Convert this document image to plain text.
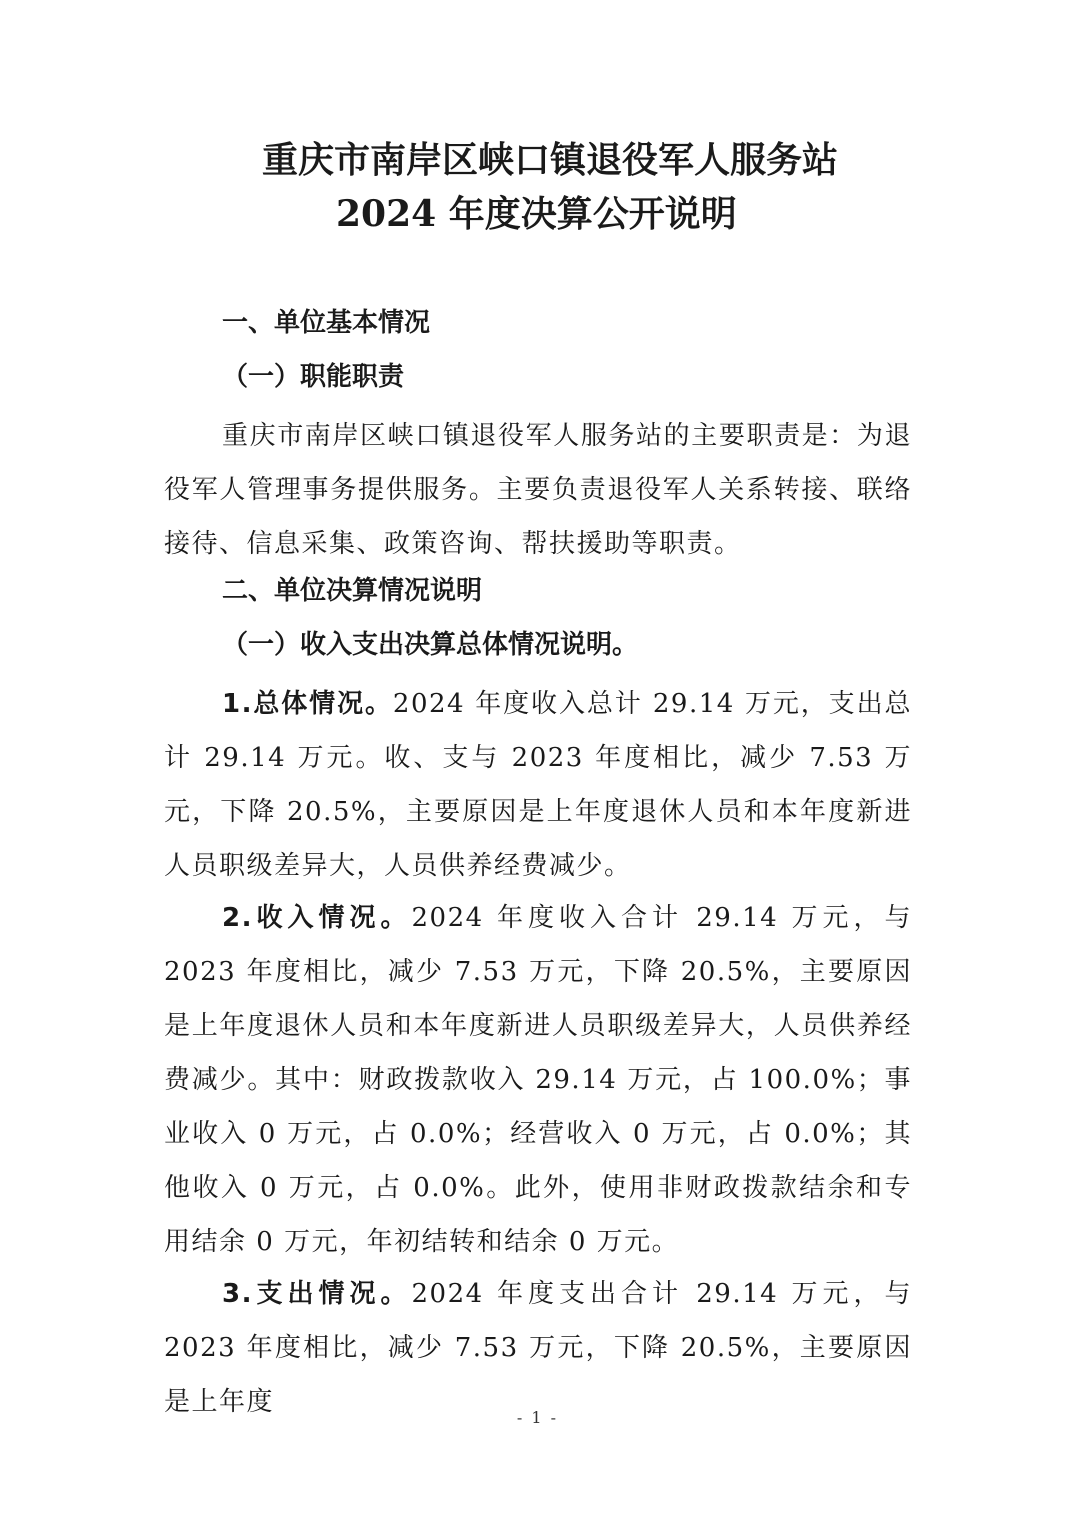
重庆市南岸区峡口镇退役军人服务站
2024 年度决算公开说明
一、单位基本情况
（一）职能职责
重庆市南岸区峡口镇退役军人服务站的主要职责是：为退役军人管理事务提供服务。主要负责退役军人关系转接、联络接待、信息采集、政策咨询、帮扶援助等职责。
二、单位决算情况说明
（一）收入支出决算总体情况说明。
1.总体情况。2024 年度收入总计 29.14 万元，支出总计 29.14 万元。收、支与 2023 年度相比，减少 7.53 万元，下降 20.5%，主要原因是上年度退休人员和本年度新进人员职级差异大，人员供养经费减少。
2.收入情况。2024 年度收入合计 29.14 万元，与 2023 年度相比，减少 7.53 万元，下降 20.5%，主要原因是上年度退休人员和本年度新进人员职级差异大，人员供养经费减少。其中：财政拨款收入 29.14 万元，占 100.0%；事业收入 0 万元，占 0.0%；经营收入 0 万元，占 0.0%；其他收入 0 万元，占 0.0%。此外，使用非财政拨款结余和专用结余 0 万元，年初结转和结余 0 万元。
3.支出情况。2024 年度支出合计 29.14 万元，与 2023 年度相比，减少 7.53 万元，下降 20.5%，主要原因是上年度
- 1 -
